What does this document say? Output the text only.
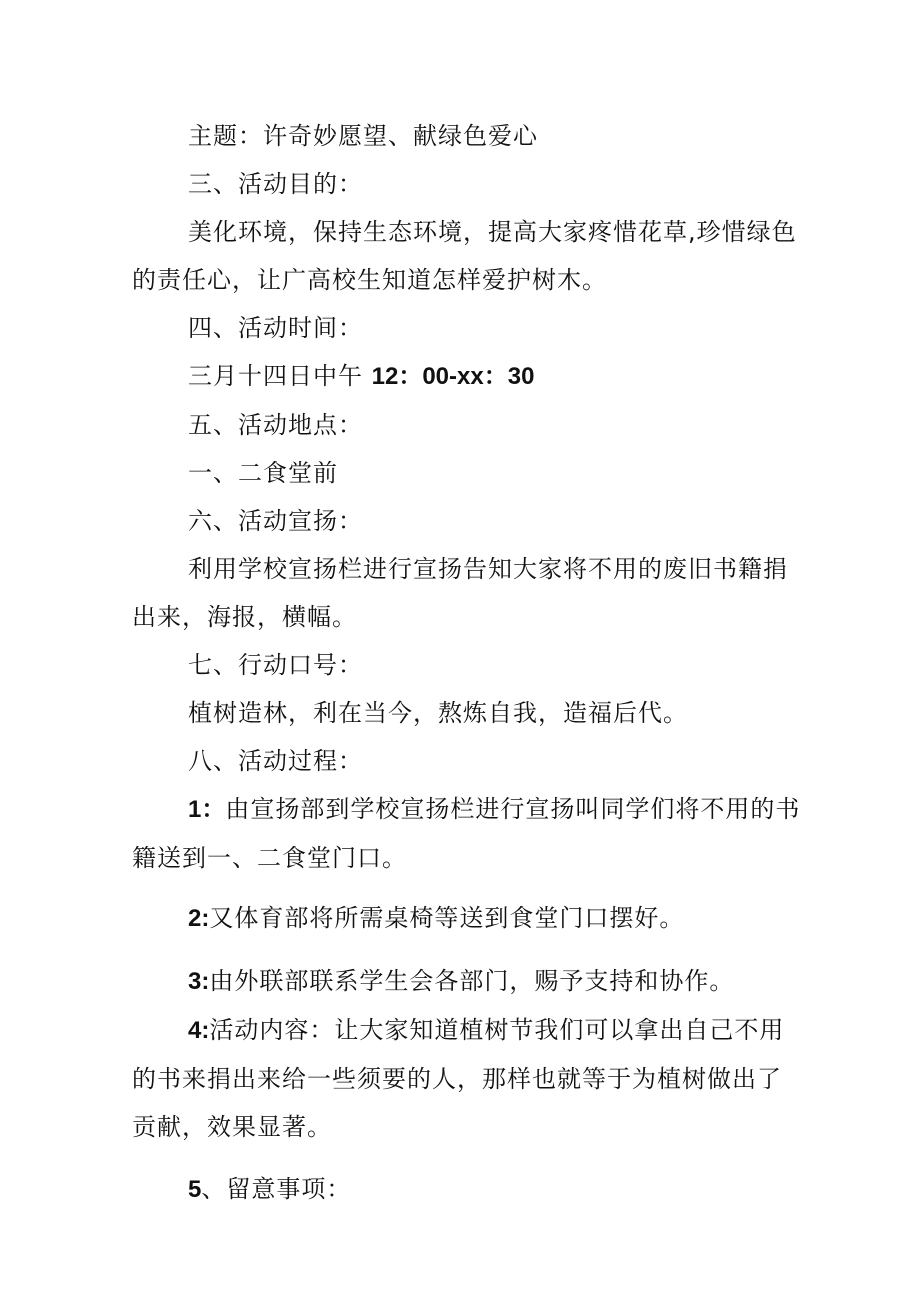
主题：许奇妙愿望、献绿色爱心

三、活动目的：

美化环境，保持生态环境，提高大家疼惜花草,珍惜绿色的责任心，让广高校生知道怎样爱护树木。

四、活动时间：

三月十四日中午 12：00-xx：30

五、活动地点：

一、二食堂前

六、活动宣扬：

利用学校宣扬栏进行宣扬告知大家将不用的废旧书籍捐出来，海报，横幅。

七、行动口号：

植树造林，利在当今，熬炼自我，造福后代。

八、活动过程：

1：由宣扬部到学校宣扬栏进行宣扬叫同学们将不用的书籍送到一、二食堂门口。

2:又体育部将所需桌椅等送到食堂门口摆好。

3:由外联部联系学生会各部门，赐予支持和协作。

4:活动内容：让大家知道植树节我们可以拿出自己不用的书来捐出来给一些须要的人，那样也就等于为植树做出了贡献，效果显著。

5、留意事项：
